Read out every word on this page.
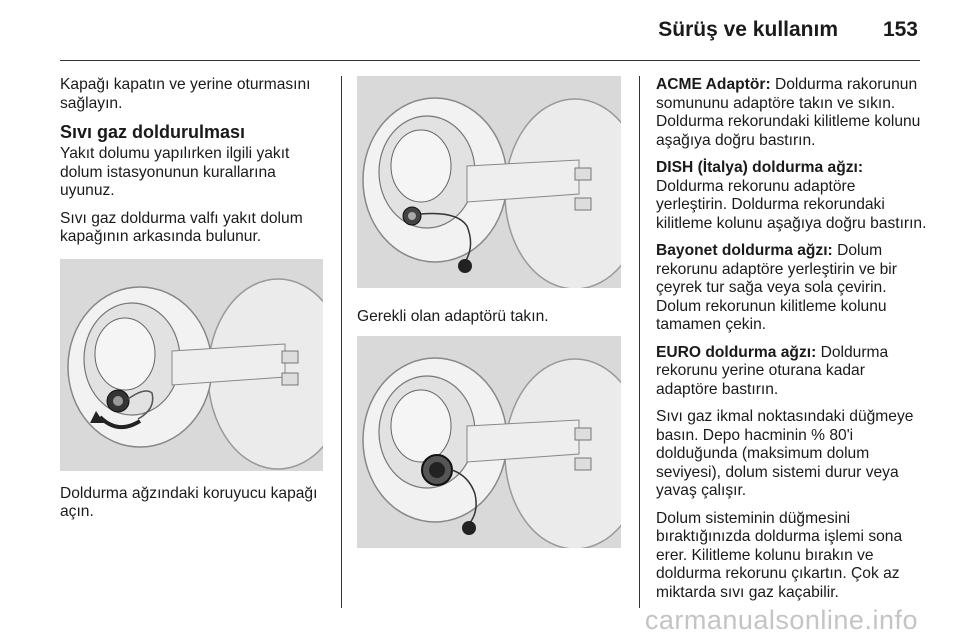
Sürüş ve kullanım 153

Kapağı kapatın ve yerine oturmasını sağlayın.

Sıvı gaz doldurulması

Yakıt dolumu yapılırken ilgili yakıt dolum istasyonunun kurallarına uyunuz.

Sıvı gaz doldurma valfı yakıt dolum kapağının arkasında bulunur.

Doldurma ağzındaki koruyucu kapağı açın.

Gerekli olan adaptörü takın.

ACME Adaptör: Doldurma rakorunun somununu adaptöre takın ve sıkın. Doldurma rekorundaki kilitleme kolunu aşağıya doğru bastırın.

DISH (İtalya) doldurma ağzı:
Doldurma rekorunu adaptöre yerleştirin. Doldurma rekorundaki kilitleme kolunu aşağıya doğru bastırın.

Bayonet doldurma ağzı: Dolum rekorunu adaptöre yerleştirin ve bir çeyrek tur sağa veya sola çevirin. Dolum rekorunun kilitleme kolunu tamamen çekin.

EURO doldurma ağzı: Doldurma rekorunu yerine oturana kadar adaptöre bastırın.

Sıvı gaz ikmal noktasındaki düğmeye basın. Depo hacminin % 80'i dolduğunda (maksimum dolum seviyesi), dolum sistemi durur veya yavaş çalışır.

Dolum sisteminin düğmesini bıraktığınızda doldurma işlemi sona erer. Kilitleme kolunu bırakın ve doldurma rekorunu çıkartın. Çok az miktarda sıvı gaz kaçabilir.

carmanualsonline.info
